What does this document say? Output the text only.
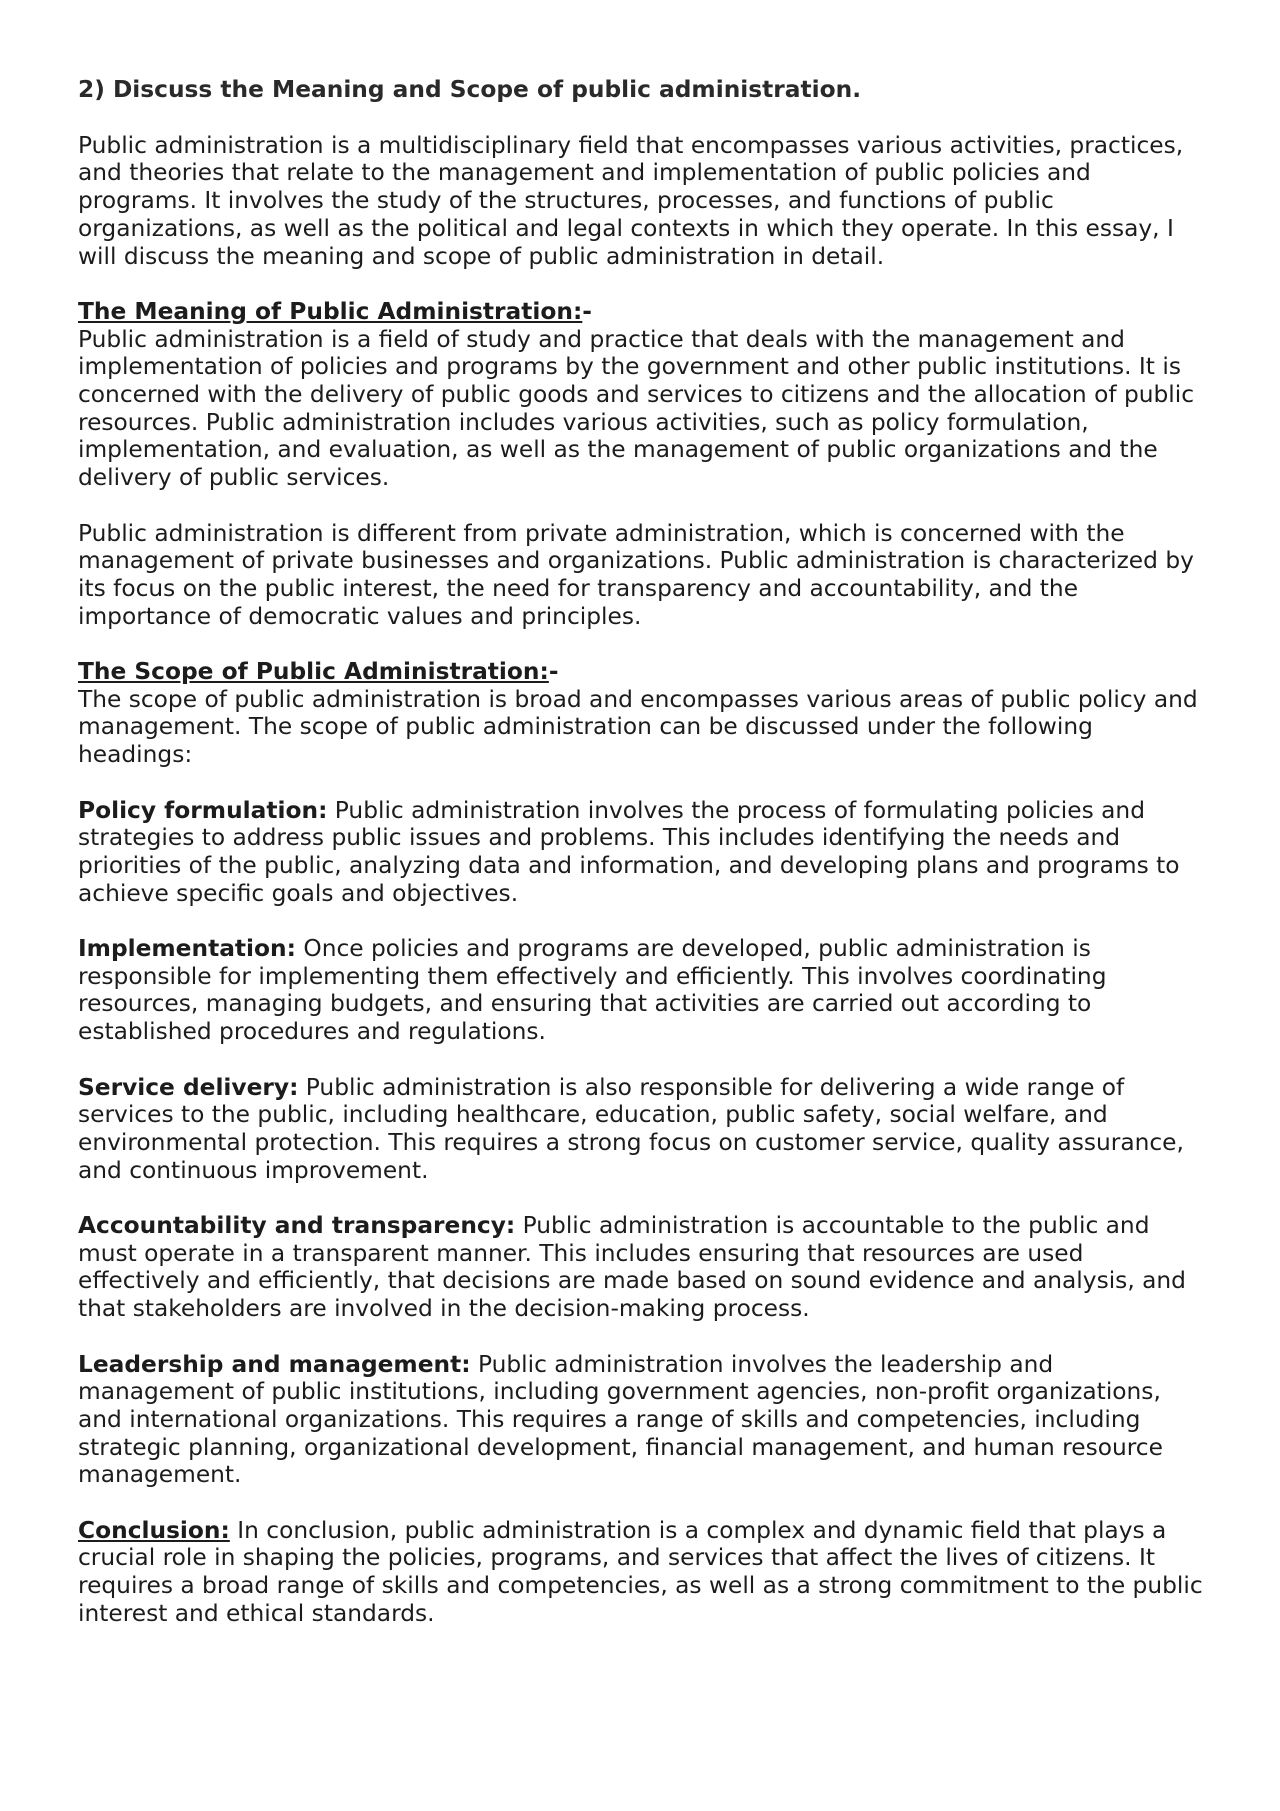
2) Discuss the Meaning and Scope of public administration.

Public administration is a multidisciplinary field that encompasses various activities, practices, and theories that relate to the management and implementation of public policies and programs. It involves the study of the structures, processes, and functions of public organizations, as well as the political and legal contexts in which they operate. In this essay, I will discuss the meaning and scope of public administration in detail.

The Meaning of Public Administration:-

Public administration is a field of study and practice that deals with the management and implementation of policies and programs by the government and other public institutions. It is concerned with the delivery of public goods and services to citizens and the allocation of public resources. Public administration includes various activities, such as policy formulation, implementation, and evaluation, as well as the management of public organizations and the delivery of public services.

Public administration is different from private administration, which is concerned with the management of private businesses and organizations. Public administration is characterized by its focus on the public interest, the need for transparency and accountability, and the importance of democratic values and principles.

The Scope of Public Administration:-

The scope of public administration is broad and encompasses various areas of public policy and management. The scope of public administration can be discussed under the following headings:

Policy formulation: Public administration involves the process of formulating policies and strategies to address public issues and problems. This includes identifying the needs and priorities of the public, analyzing data and information, and developing plans and programs to achieve specific goals and objectives.

Implementation: Once policies and programs are developed, public administration is responsible for implementing them effectively and efficiently. This involves coordinating resources, managing budgets, and ensuring that activities are carried out according to established procedures and regulations.

Service delivery: Public administration is also responsible for delivering a wide range of services to the public, including healthcare, education, public safety, social welfare, and environmental protection. This requires a strong focus on customer service, quality assurance, and continuous improvement.

Accountability and transparency: Public administration is accountable to the public and must operate in a transparent manner. This includes ensuring that resources are used effectively and efficiently, that decisions are made based on sound evidence and analysis, and that stakeholders are involved in the decision-making process.

Leadership and management: Public administration involves the leadership and management of public institutions, including government agencies, non-profit organizations, and international organizations. This requires a range of skills and competencies, including strategic planning, organizational development, financial management, and human resource management.

Conclusion: In conclusion, public administration is a complex and dynamic field that plays a crucial role in shaping the policies, programs, and services that affect the lives of citizens. It requires a broad range of skills and competencies, as well as a strong commitment to the public interest and ethical standards.
